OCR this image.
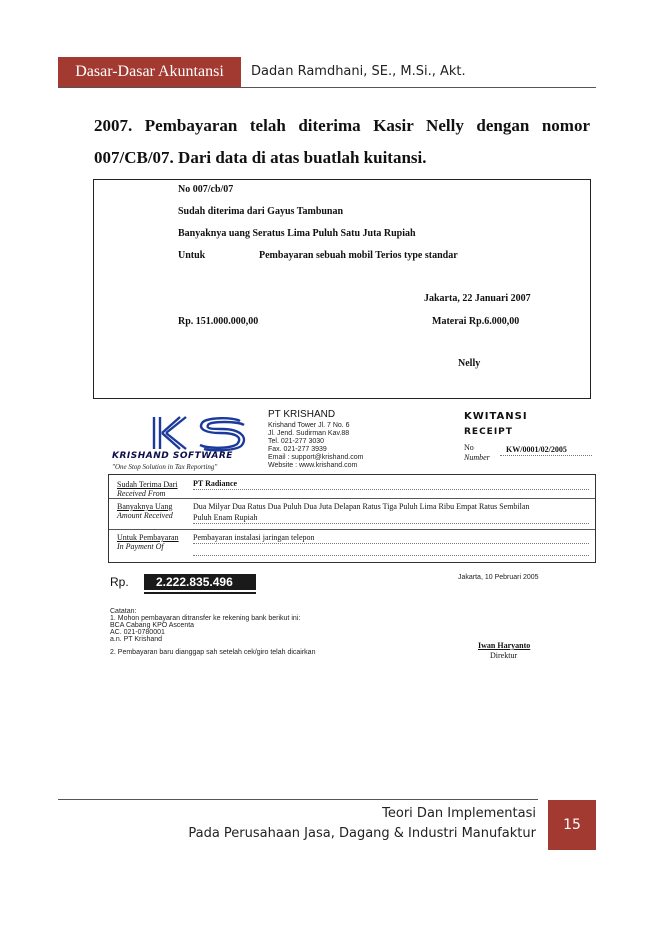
Dasar-Dasar Akuntansi	Dadan Ramdhani, SE., M.Si., Akt.
2007. Pembayaran telah diterima Kasir Nelly dengan nomor 007/CB/07. Dari data di atas buatlah kuitansi.
No 007/cb/07
Sudah diterima dari Gayus Tambunan
Banyaknya uang Seratus Lima Puluh Satu Juta Rupiah
Untuk	Pembayaran sebuah mobil Terios type standar
Jakarta, 22 Januari 2007
Rp. 151.000.000,00	Materai Rp.6.000,00
Nelly
KRISHAND SOFTWARE
"One Stop Solution in Tax Reporting"
PT KRISHAND
Krishand Tower Jl. 7 No. 6
Jl. Jend. Sudirman Kav.88
Tel. 021-277 3030
Fax. 021-277 3939
Email : support@krishand.com
Website : www.krishand.com
KWITANSI
RECEIPT
No
Number
KW/0001/02/2005
Sudah Terima Dari
Received From
PT Radiance
Banyaknya Uang
Amount Received
Dua Milyar Dua Ratus Dua Puluh Dua Juta Delapan Ratus Tiga Puluh Lima Ribu Empat Ratus Sembilan
Puluh Enam Rupiah
Untuk Pembayaran
In Payment Of
Pembayaran instalasi jaringan telepon
Rp. 2.222.835.496	Jakarta, 10 Pebruari 2005
Catatan:
1. Mohon pembayaran ditransfer ke rekening bank berikut ini:
BCA Cabang KPO Ascenta
AC. 021-0780001
a.n. PT Krishand
2. Pembayaran baru dianggap sah setelah cek/giro telah dicairkan
Iwan Haryanto
Direktur
Teori Dan Implementasi
Pada Perusahaan Jasa, Dagang & Industri Manufaktur
15
